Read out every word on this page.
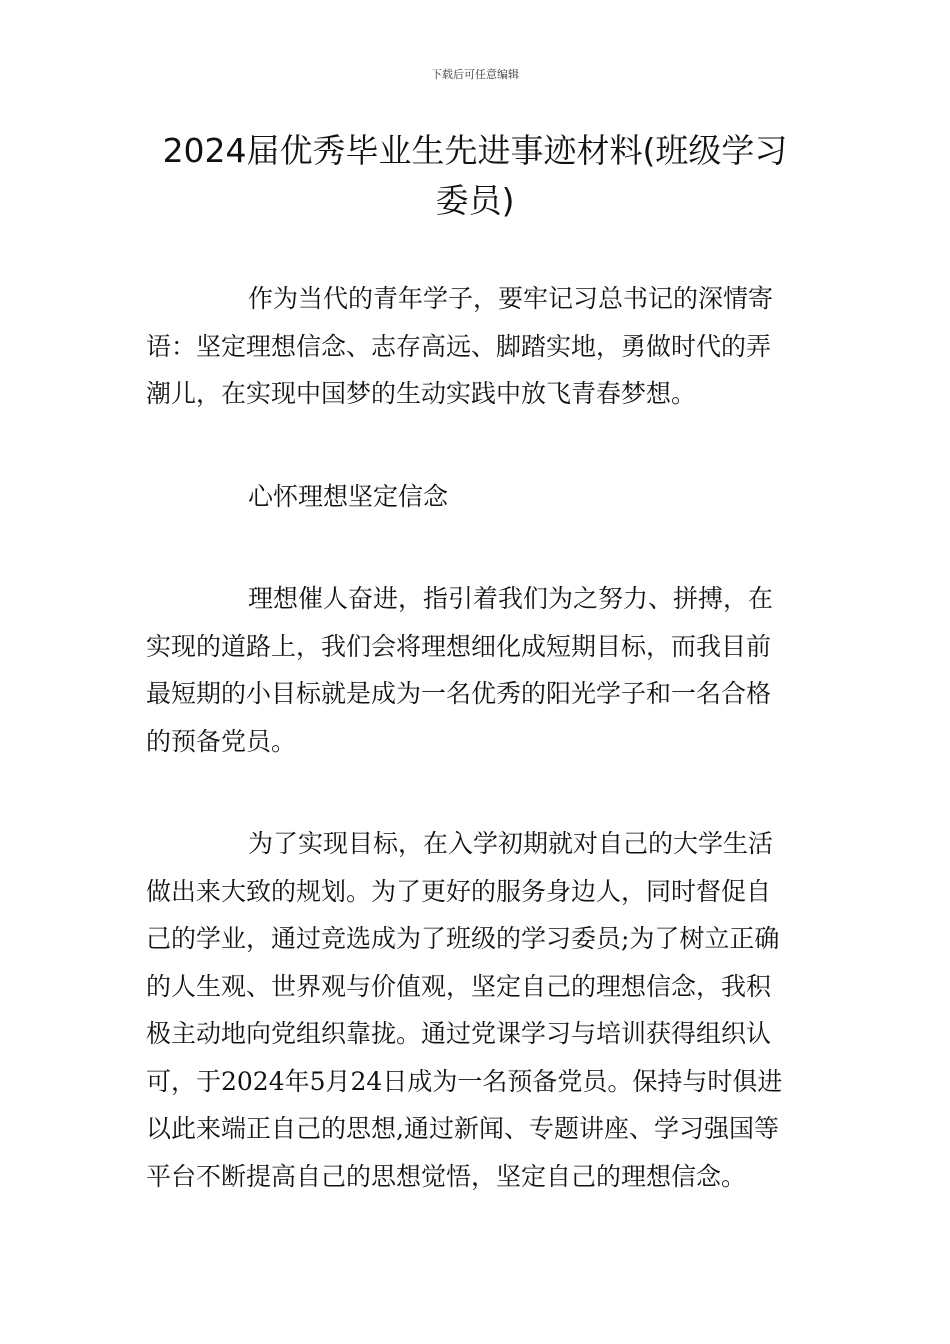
下载后可任意编辑
2024届优秀毕业生先进事迹材料(班级学习
委员)

作为当代的青年学子，要牢记习总书记的深情寄
语：坚定理想信念、志存高远、脚踏实地，勇做时代的弄
潮儿，在实现中国梦的生动实践中放飞青春梦想。

心怀理想坚定信念

理想催人奋进，指引着我们为之努力、拼搏，在
实现的道路上，我们会将理想细化成短期目标，而我目前
最短期的小目标就是成为一名优秀的阳光学子和一名合格
的预备党员。

为了实现目标，在入学初期就对自己的大学生活
做出来大致的规划。为了更好的服务身边人，同时督促自
己的学业，通过竞选成为了班级的学习委员;为了树立正确
的人生观、世界观与价值观，坚定自己的理想信念，我积
极主动地向党组织靠拢。通过党课学习与培训获得组织认
可，于2024年5月24日成为一名预备党员。保持与时俱进
以此来端正自己的思想,通过新闻、专题讲座、学习强国等
平台不断提高自己的思想觉悟，坚定自己的理想信念。
